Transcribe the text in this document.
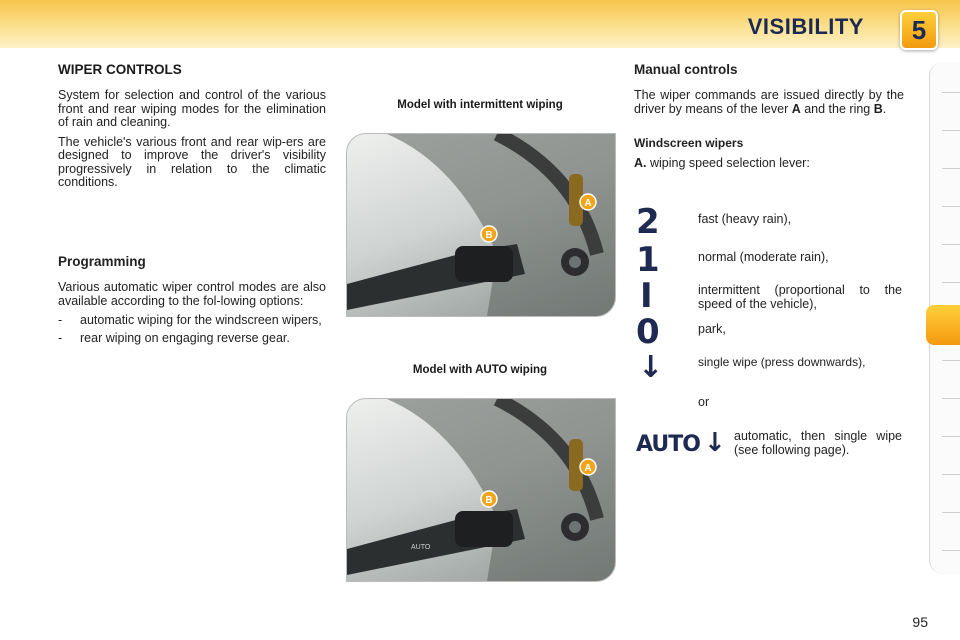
VISIBILITY	5
WIPER CONTROLS

System for selection and control of the various front and rear wiping modes for the elimination of rain and cleaning.

The vehicle's various front and rear wip-ers are designed to improve the driver's visibility progressively in relation to the climatic conditions.

Programming

Various automatic wiper control modes are also available according to the fol-lowing options:

- automatic wiping for the windscreen wipers,
- rear wiping on engaging reverse gear.
Model with intermittent wiping
A
B
Model with AUTO wiping
AUTO
A
B
Manual controls

The wiper commands are issued directly by the driver by means of the lever A and the ring B.

Windscreen wipers
A. wiping speed selection lever:
2	fast (heavy rain),
1	normal (moderate rain),
I	intermittent (proportional to the speed of the vehicle),
0	park,
↓	single wipe (press downwards),
or
AUTO ↓ automatic, then single wipe (see following page).
95
